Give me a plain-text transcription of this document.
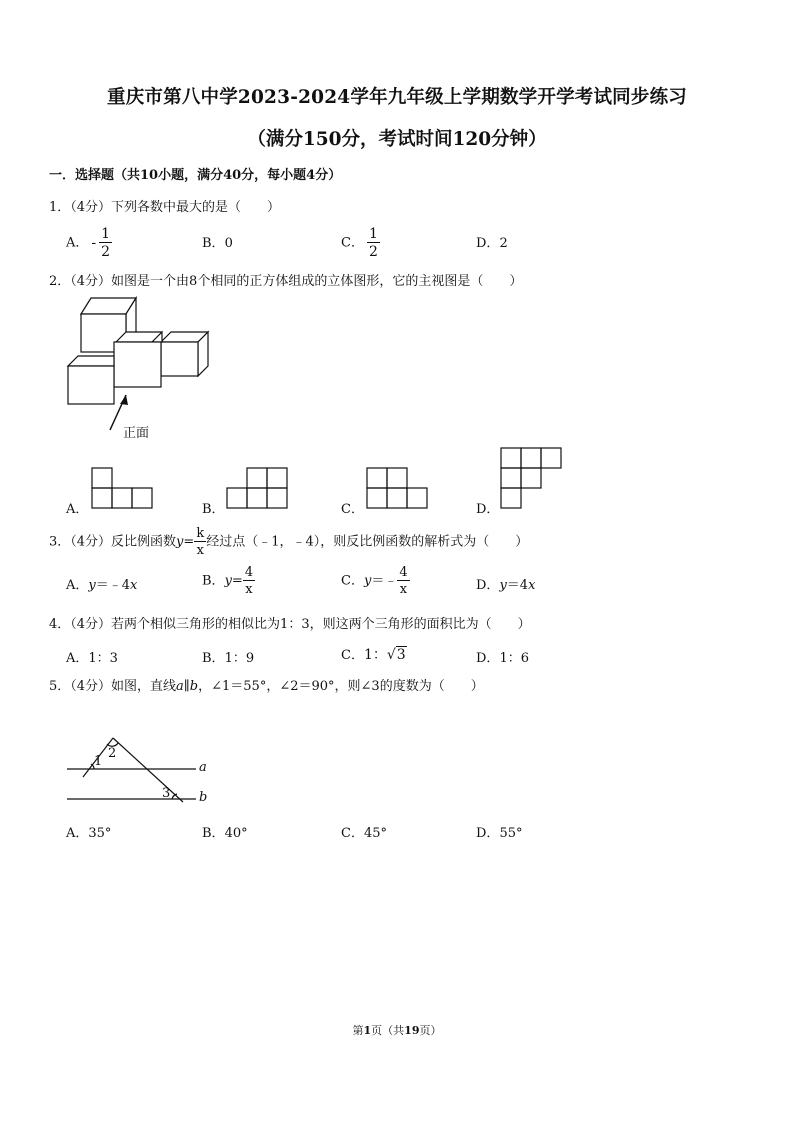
重庆市第八中学2023-2024学年九年级上学期数学开学考试同步练习
（满分150分，考试时间120分钟）
一．选择题（共10小题，满分40分，每小题4分）
1．（4分）下列各数中最大的是（　　）
A． - $\frac{1}{2}$	B．0	C． $\frac{1}{2}$	D．2
2．（4分）如图是一个由8个相同的正方体组成的立体图形，它的主视图是（　　）
正面
A．	B．	C．	D．
3．（4分）反比例函数$y= \frac{k}{x}$ 经过点（﹣1，﹣4），则反比例函数的解析式为（　　）
A．y＝﹣4x	B．$y= \frac{4}{x}$	C．y＝﹣ $\frac{4}{x}$	D．y＝4x
4．（4分）若两个相似三角形的相似比为1：3，则这两个三角形的面积比为（　　）
A．1：3	B．1：9	C．1：√3	D．1：6
5．（4分）如图，直线a∥b，∠1＝55°，∠2＝90°，则∠3的度数为（　　）
1
2
3
a
b
A．35°	B．40°	C．45°	D．55°
第1页（共19页）
